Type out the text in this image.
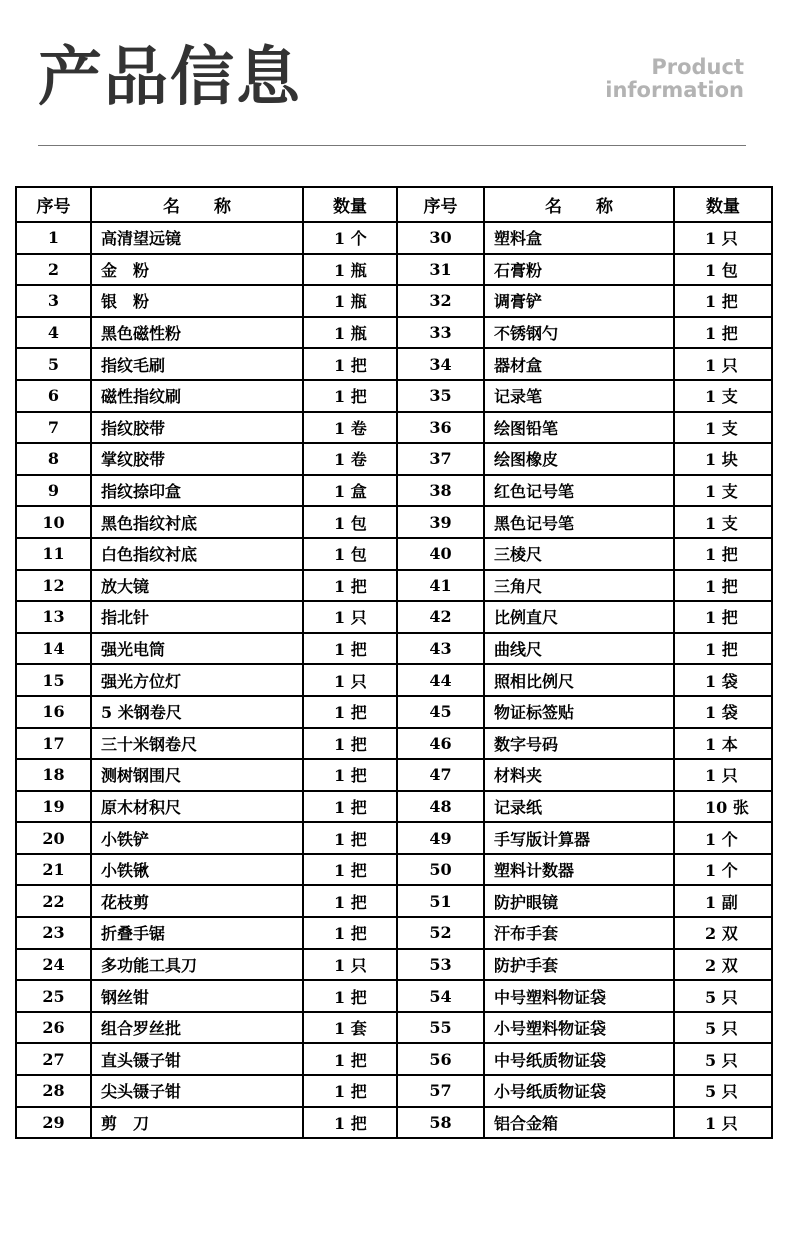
产品信息	Product
information
序号	名　　称	数量	序号	名　　称	数量
1	高清望远镜	1 个	30	塑料盒	1 只
2	金　粉	1 瓶	31	石膏粉	1 包
3	银　粉	1 瓶	32	调膏铲	1 把
4	黑色磁性粉	1 瓶	33	不锈钢勺	1 把
5	指纹毛刷	1 把	34	器材盒	1 只
6	磁性指纹刷	1 把	35	记录笔	1 支
7	指纹胶带	1 卷	36	绘图铅笔	1 支
8	掌纹胶带	1 卷	37	绘图橡皮	1 块
9	指纹捺印盒	1 盒	38	红色记号笔	1 支
10	黑色指纹衬底	1 包	39	黑色记号笔	1 支
11	白色指纹衬底	1 包	40	三棱尺	1 把
12	放大镜	1 把	41	三角尺	1 把
13	指北针	1 只	42	比例直尺	1 把
14	强光电筒	1 把	43	曲线尺	1 把
15	强光方位灯	1 只	44	照相比例尺	1 袋
16	5 米钢卷尺	1 把	45	物证标签贴	1 袋
17	三十米钢卷尺	1 把	46	数字号码	1 本
18	测树钢围尺	1 把	47	材料夹	1 只
19	原木材积尺	1 把	48	记录纸	10 张
20	小铁铲	1 把	49	手写版计算器	1 个
21	小铁锹	1 把	50	塑料计数器	1 个
22	花枝剪	1 把	51	防护眼镜	1 副
23	折叠手锯	1 把	52	汗布手套	2 双
24	多功能工具刀	1 只	53	防护手套	2 双
25	钢丝钳	1 把	54	中号塑料物证袋	5 只
26	组合罗丝批	1 套	55	小号塑料物证袋	5 只
27	直头镊子钳	1 把	56	中号纸质物证袋	5 只
28	尖头镊子钳	1 把	57	小号纸质物证袋	5 只
29	剪　刀	1 把	58	铝合金箱	1 只
